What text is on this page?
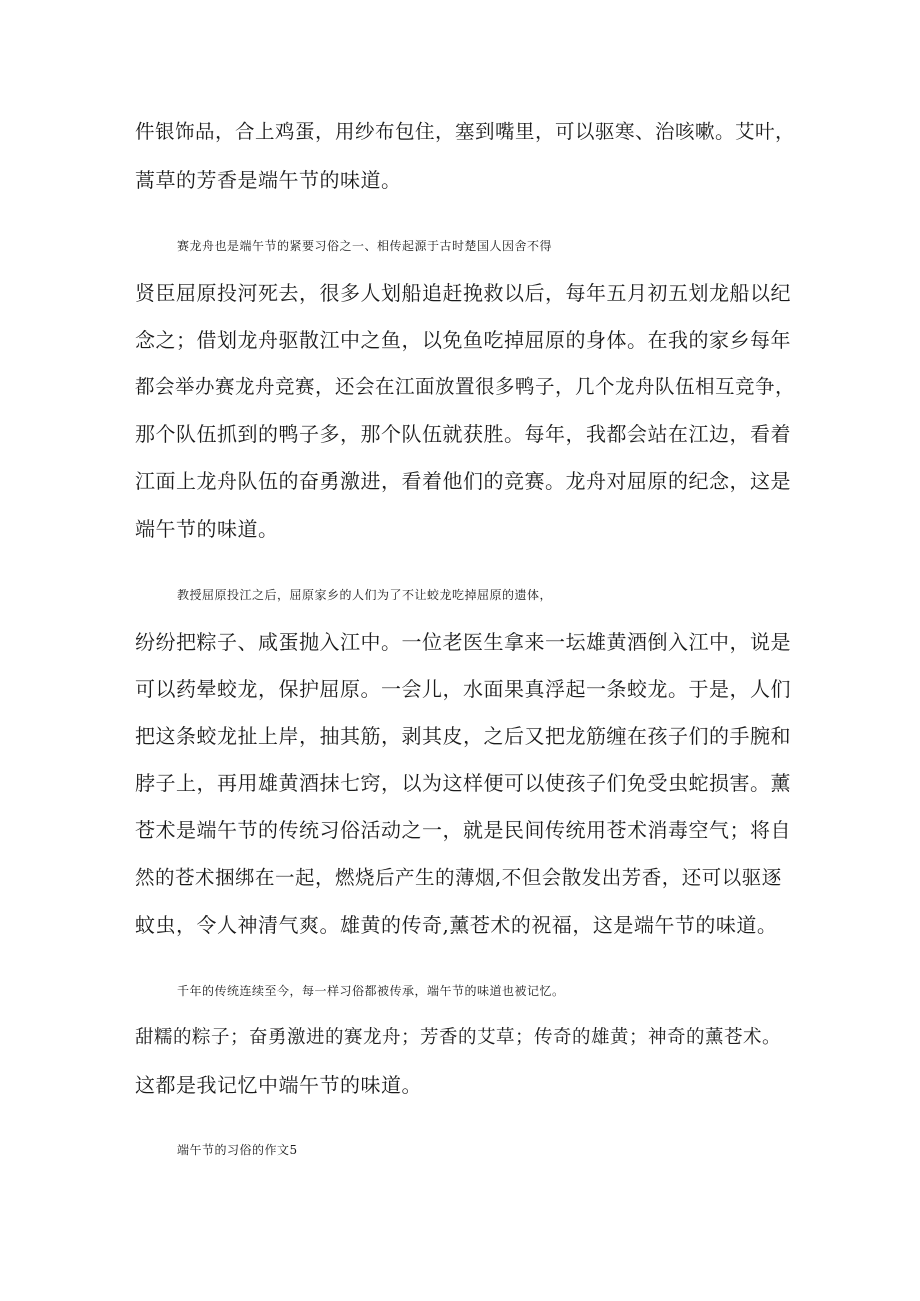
件银饰品，合上鸡蛋，用纱布包住，塞到嘴里，可以驱寒、治咳嗽。艾叶，
蒿草的芳香是端午节的味道。
赛龙舟也是端午节的紧要习俗之一、相传起源于古时楚国人因舍不得
贤臣屈原投河死去，很多人划船追赶挽救以后，每年五月初五划龙船以纪
念之；借划龙舟驱散江中之鱼，以免鱼吃掉屈原的身体。在我的家乡每年
都会举办赛龙舟竞赛，还会在江面放置很多鸭子，几个龙舟队伍相互竞争，
那个队伍抓到的鸭子多，那个队伍就获胜。每年，我都会站在江边，看着
江面上龙舟队伍的奋勇激进，看着他们的竞赛。龙舟对屈原的纪念，这是
端午节的味道。
教授屈原投江之后，屈原家乡的人们为了不让蛟龙吃掉屈原的遗体，
纷纷把粽子、咸蛋抛入江中。一位老医生拿来一坛雄黄酒倒入江中，说是
可以药晕蛟龙，保护屈原。一会儿，水面果真浮起一条蛟龙。于是，人们
把这条蛟龙扯上岸，抽其筋，剥其皮，之后又把龙筋缠在孩子们的手腕和
脖子上，再用雄黄酒抹七窍，以为这样便可以使孩子们免受虫蛇损害。薰
苍术是端午节的传统习俗活动之一，就是民间传统用苍术消毒空气；将自
然的苍术捆绑在一起，燃烧后产生的薄烟,不但会散发出芳香，还可以驱逐
蚊虫，令人神清气爽。雄黄的传奇,薰苍术的祝福，这是端午节的味道。
千年的传统连续至今，每一样习俗都被传承，端午节的味道也被记忆。
甜糯的粽子；奋勇激进的赛龙舟；芳香的艾草；传奇的雄黄；神奇的薰苍术。
这都是我记忆中端午节的味道。
端午节的习俗的作文5
